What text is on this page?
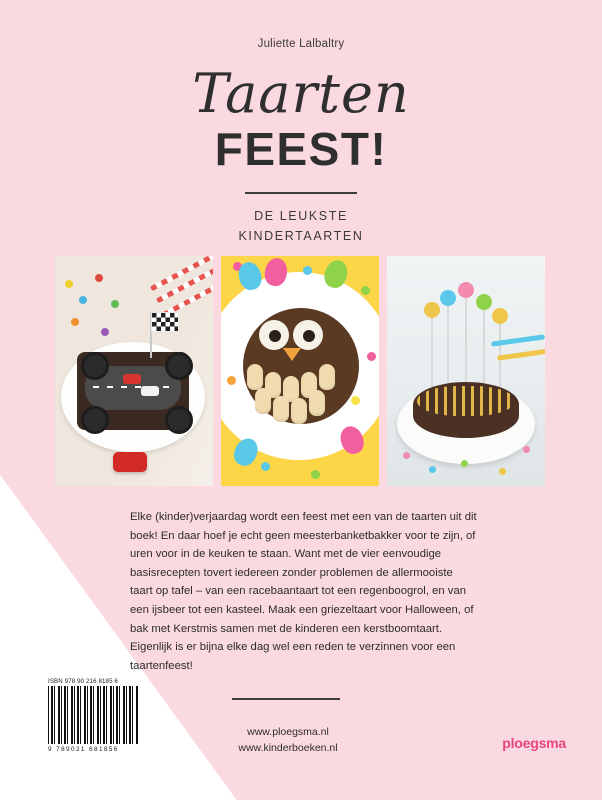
Juliette Lalbaltry
Taarten
FEEST!
DE LEUKSTE
KINDERTAARTEN
Elke (kinder)verjaardag wordt een feest met een van de taarten uit dit boek! En daar hoef je echt geen meesterbanketbakker voor te zijn, of uren voor in de keuken te staan. Want met de vier eenvoudige basisrecepten tovert iedereen zonder problemen de allermooiste taart op tafel – van een racebaantaart tot een regenboogrol, en van een ijsbeer tot een kasteel. Maak een griezeltaart voor Halloween, of bak met Kerstmis samen met de kinderen een kerstboomtaart. Eigenlijk is er bijna elke dag wel een reden te verzinnen voor een taartenfeest!
ISBN 978 90 216 8185 6
9 789021 681856
www.ploegsma.nl
www.kinderboeken.nl	ploegsma
